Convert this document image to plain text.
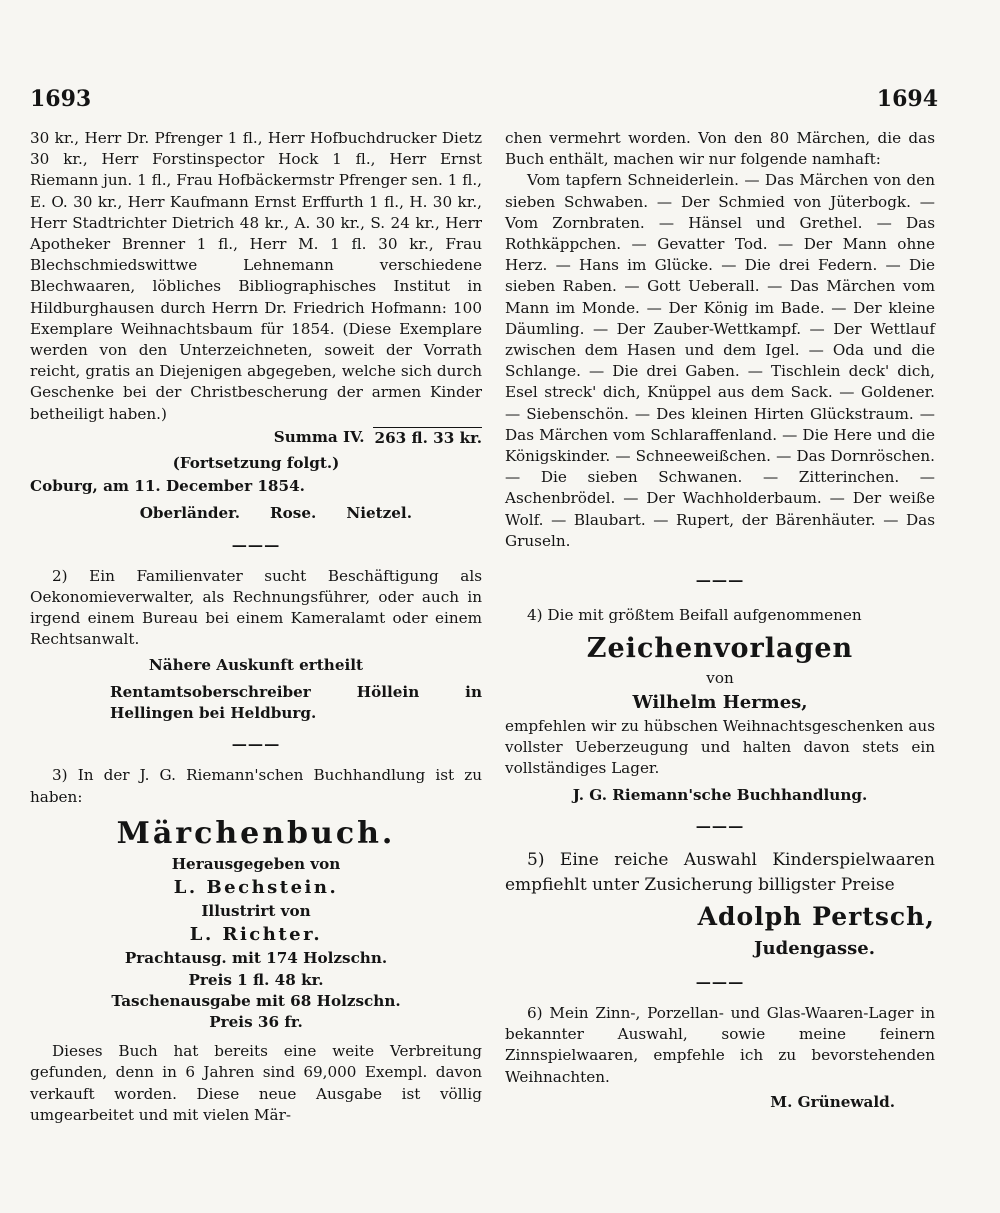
1693	1694

30 kr., Herr Dr. Pfrenger 1 fl., Herr Hofbuchdrucker Dietz 30 kr., Herr Forstinspector Hock 1 fl., Herr Ernst Riemann jun. 1 fl., Frau Hofbäckermstr Pfrenger sen. 1 fl., E. O. 30 kr., Herr Kaufmann Ernst Erffurth 1 fl., H. 30 kr., Herr Stadtrichter Dietrich 48 kr., A. 30 kr., S. 24 kr., Herr Apotheker Brenner 1 fl., Herr M. 1 fl. 30 kr., Frau Blechschmiedswittwe Lehnemann verschiedene Blechwaaren, löbliches Bibliographisches Institut in Hildburghausen durch Herrn Dr. Friedrich Hofmann: 100 Exemplare Weihnachtsbaum für 1854. (Diese Exemplare werden von den Unterzeichneten, soweit der Vorrath reicht, gratis an Diejenigen abgegeben, welche sich durch Geschenke bei der Christbescherung der armen Kinder betheiligt haben.)

Summa IV. 263 fl. 33 kr.

(Fortsetzung folgt.)

Coburg, am 11. December 1854.

Oberländer. Rose. Nietzel.
———

2) Ein Familienvater sucht Beschäftigung als Oekonomieverwalter, als Rechnungsführer, oder auch in irgend einem Bureau bei einem Kameralamt oder einem Rechtsanwalt.

Nähere Auskunft ertheilt

Rentamtsoberschreiber Höllein in Hellingen bei Heldburg.

———

3) In der J. G. Riemann'schen Buchhandlung ist zu haben:

Märchenbuch.

Herausgegeben von

L. Bechstein.

Illustrirt von

L. Richter.

Prachtausg. mit 174 Holzschn.

Preis 1 fl. 48 kr.

Taschenausgabe mit 68 Holzschn.

Preis 36 fr.

Dieses Buch hat bereits eine weite Verbreitung gefunden, denn in 6 Jahren sind 69,000 Exempl. davon verkauft worden. Diese neue Ausgabe ist völlig umgearbeitet und mit vielen Mär-

chen vermehrt worden. Von den 80 Märchen, die das Buch enthält, machen wir nur folgende namhaft:

Vom tapfern Schneiderlein. — Das Märchen von den sieben Schwaben. — Der Schmied von Jüterbogk. — Vom Zornbraten. — Hänsel und Grethel. — Das Rothkäppchen. — Gevatter Tod. — Der Mann ohne Herz. — Hans im Glücke. — Die drei Federn. — Die sieben Raben. — Gott Ueberall. — Das Märchen vom Mann im Monde. — Der König im Bade. — Der kleine Däumling. — Der Zauber-Wettkampf. — Der Wettlauf zwischen dem Hasen und dem Igel. — Oda und die Schlange. — Die drei Gaben. — Tischlein deck' dich, Esel streck' dich, Knüppel aus dem Sack. — Goldener. — Siebenschön. — Des kleinen Hirten Glückstraum. — Das Märchen vom Schlaraffenland. — Die Here und die Königskinder. — Schneeweißchen. — Das Dornröschen. — Die sieben Schwanen. — Zitterinchen. — Aschenbrödel. — Der Wachholderbaum. — Der weiße Wolf. — Blaubart. — Rupert, der Bärenhäuter. — Das Gruseln.

———

4) Die mit größtem Beifall aufgenommenen

Zeichenvorlagen

von

Wilhelm Hermes,

empfehlen wir zu hübschen Weihnachtsgeschenken aus vollster Ueberzeugung und halten davon stets ein vollständiges Lager.

J. G. Riemann'sche Buchhandlung.

———

5) Eine reiche Auswahl Kinderspielwaaren empfiehlt unter Zusicherung billigster Preise

Adolph Pertsch,

Judengasse.

———

6) Mein Zinn-, Porzellan- und Glas-Waaren-Lager in bekannter Auswahl, sowie meine feinern Zinnspielwaaren, empfehle ich zu bevorstehenden Weihnachten.

M. Grünewald.
